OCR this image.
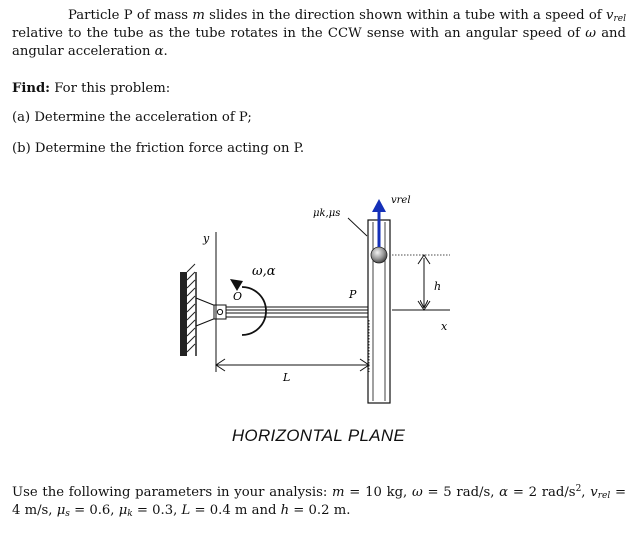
Particle P of mass m slides in the direction shown within a tube with a speed of $v_{rel}$ relative to the tube as the tube rotates in the CCW sense with an angular speed of ω and angular acceleration α.
Find: For this problem:
(a) Determine the acceleration of P;
(b) Determine the friction force acting on P.
y
ω,α
O	P
L
h
x
μk,μs
vrel
HORIZONTAL PLANE
Use the following parameters in your analysis: m = 10 kg, ω = 5 rad/s, α = 2 rad/$s^2$, $v_{rel} = 4$ m/s, $\mu_s = 0.6$, $\mu_k = 0.3$, L = 0.4 m and h = 0.2 m.
